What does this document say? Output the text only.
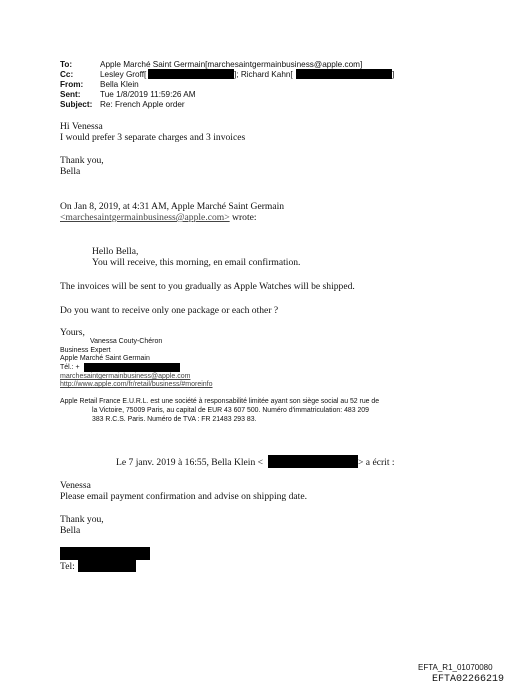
To:	Apple Marché Saint Germain[marchesaintgermainbusiness@apple.com]
Cc:	Lesley Groff[	]; Richard Kahn[	]
From: Bella Klein
Sent: Tue 1/8/2019 11:59:26 AM
Subject: Re: French Apple order
Hi Venessa
I would prefer 3 separate charges and 3 invoices
Thank you,
Bella
On Jan 8, 2019, at 4:31 AM, Apple Marché Saint Germain
<marchesaintgermainbusiness@apple.com> wrote:
Hello Bella,
You will receive, this morning, en email confirmation.
The invoices will be sent to you gradually as Apple Watches will be shipped.
Do you want to receive only one package or each other ?
Yours,
Vanessa Couty-Chéron
Business Expert
Apple Marché Saint Germain
Tél.: +
marchesaintgermainbusiness@apple.com
http://www.apple.com/fr/retail/business/#moreinfo
Apple Retail France E.U.R.L. est une société à responsabilité limitée ayant son siège social au 52 rue de
la Victoire, 75009 Paris, au capital de EUR 43 607 500. Numéro d'immatriculation: 483 209
383 R.C.S. Paris. Numéro de TVA : FR 21483 293 83.
Le 7 janv. 2019 à 16:55, Bella Klein <	> a écrit :
Venessa
Please email payment confirmation and advise on shipping date.
Thank you,
Bella
Tel:
EFTA_R1_01070080
EFTA02266219
